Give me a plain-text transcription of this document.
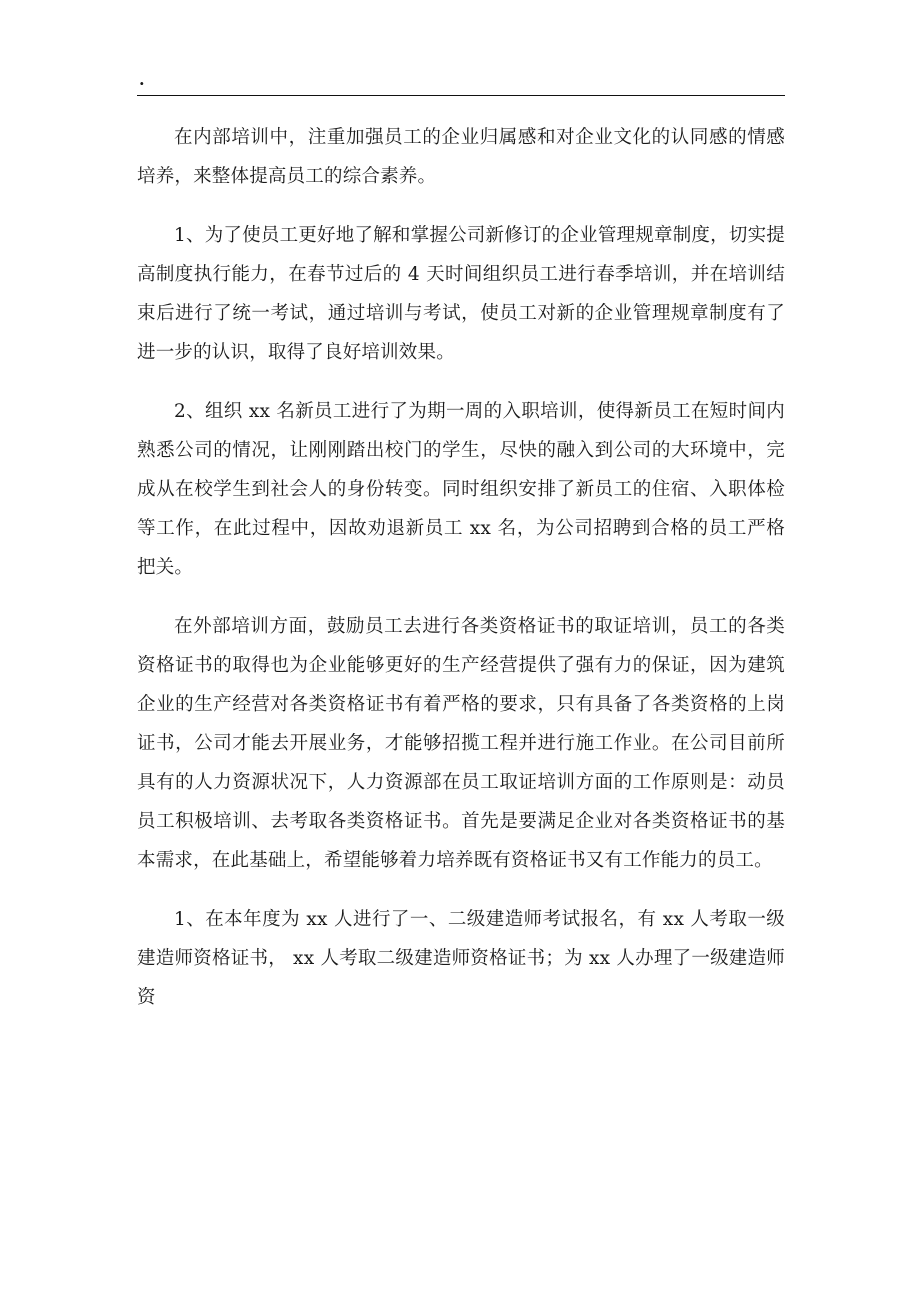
.

在内部培训中，注重加强员工的企业归属感和对企业文化的认同感的情感培养，来整体提高员工的综合素养。

1、为了使员工更好地了解和掌握公司新修订的企业管理规章制度，切实提高制度执行能力，在春节过后的 4 天时间组织员工进行春季培训，并在培训结束后进行了统一考试，通过培训与考试，使员工对新的企业管理规章制度有了进一步的认识，取得了良好培训效果。

2、组织 xx 名新员工进行了为期一周的入职培训，使得新员工在短时间内熟悉公司的情况，让刚刚踏出校门的学生，尽快的融入到公司的大环境中，完成从在校学生到社会人的身份转变。同时组织安排了新员工的住宿、入职体检等工作，在此过程中，因故劝退新员工 xx 名，为公司招聘到合格的员工严格把关。

在外部培训方面，鼓励员工去进行各类资格证书的取证培训，员工的各类资格证书的取得也为企业能够更好的生产经营提供了强有力的保证，因为建筑企业的生产经营对各类资格证书有着严格的要求，只有具备了各类资格的上岗证书，公司才能去开展业务，才能够招揽工程并进行施工作业。在公司目前所具有的人力资源状况下，人力资源部在员工取证培训方面的工作原则是：动员员工积极培训、去考取各类资格证书。首先是要满足企业对各类资格证书的基本需求，在此基础上，希望能够着力培养既有资格证书又有工作能力的员工。

1、在本年度为 xx 人进行了一、二级建造师考试报名，有 xx 人考取一级建造师资格证书， xx 人考取二级建造师资格证书；为 xx 人办理了一级建造师资
